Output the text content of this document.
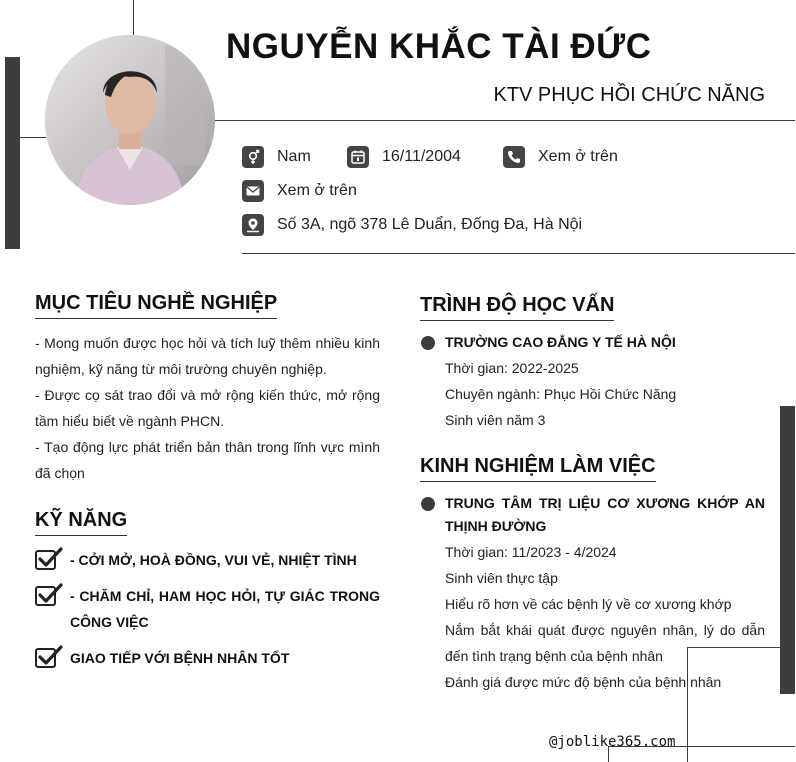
NGUYỄN KHẮC TÀI ĐỨC
KTV PHỤC HỒI CHỨC NĂNG
Nam	16/11/2004	Xem ở trên
Xem ở trên
Số 3A, ngõ 378 Lê Duẩn, Đống Đa, Hà Nội
MỤC TIÊU NGHỀ NGHIỆP

- Mong muốn được học hỏi và tích luỹ thêm nhiều kinh nghiệm, kỹ năng từ môi trường chuyên nghiệp.

- Được cọ sát trao đổi và mở rộng kiến thức, mở rộng tầm hiểu biết về ngành PHCN.

- Tạo động lực phát triển bản thân trong lĩnh vực mình đã chọn

KỸ NĂNG
- CỞI MỞ, HOÀ ĐỒNG, VUI VẺ, NHIỆT TÌNH
- CHĂM CHỈ, HAM HỌC HỎI, TỰ GIÁC TRONG CÔNG VIỆC
GIAO TIẾP VỚI BỆNH NHÂN TỐT
TRÌNH ĐỘ HỌC VẤN
TRƯỜNG CAO ĐẲNG Y TẾ HÀ NỘI
Thời gian: 2022-2025
Chuyên ngành: Phục Hồi Chức Năng
Sinh viên năm 3
KINH NGHIỆM LÀM VIỆC
TRUNG TÂM TRỊ LIỆU CƠ XƯƠNG KHỚP AN THỊNH ĐƯỜNG
Thời gian: 11/2023 - 4/2024
Sinh viên thực tập
Hiểu rõ hơn về các bệnh lý về cơ xương khớp
Nắm bắt khái quát được nguyên nhân, lý do dẫn đến tình trạng bệnh của bệnh nhân
Đánh giá được mức độ bệnh của bệnh nhân
@joblike365.com
